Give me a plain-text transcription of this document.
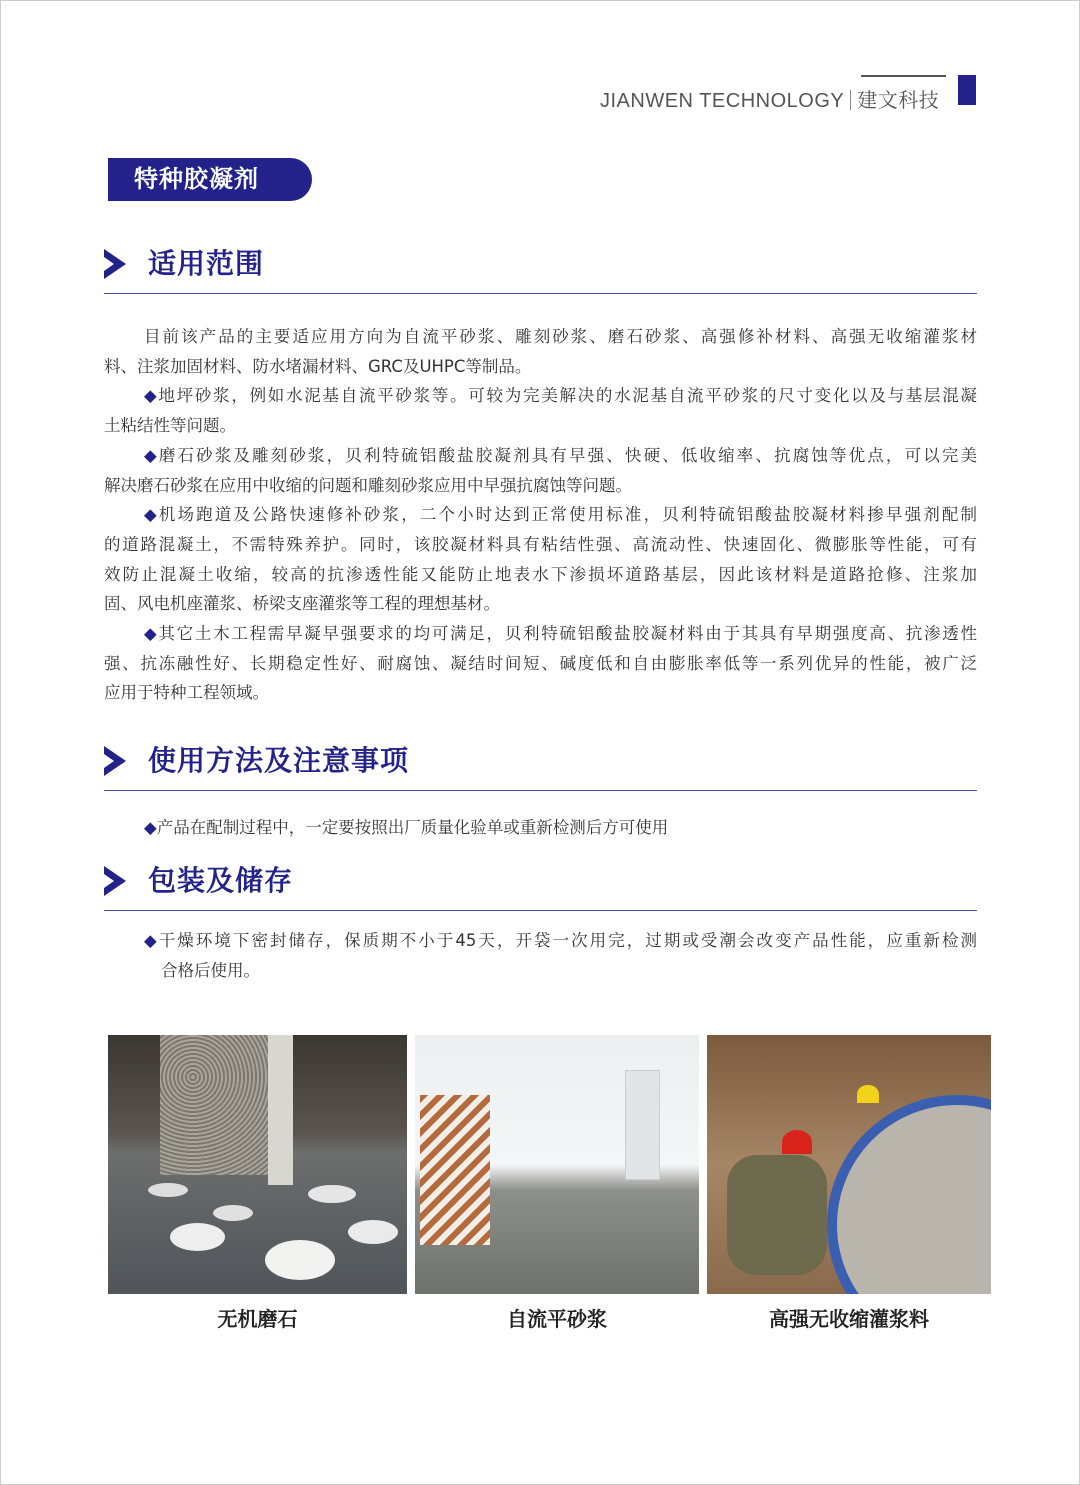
JIANWEN TECHNOLOGY 建文科技
特种胶凝剂
适用范围
目前该产品的主要适应用方向为自流平砂浆、雕刻砂浆、磨石砂浆、高强修补材料、高强无收缩灌浆材
料、注浆加固材料、防水堵漏材料、GRC及UHPC等制品。
◆地坪砂浆，例如水泥基自流平砂浆等。可较为完美解决的水泥基自流平砂浆的尺寸变化以及与基层混凝
土粘结性等问题。
◆磨石砂浆及雕刻砂浆，贝利特硫铝酸盐胶凝剂具有早强、快硬、低收缩率、抗腐蚀等优点，可以完美
解决磨石砂浆在应用中收缩的问题和雕刻砂浆应用中早强抗腐蚀等问题。
◆机场跑道及公路快速修补砂浆，二个小时达到正常使用标准，贝利特硫铝酸盐胶凝材料掺早强剂配制
的道路混凝土，不需特殊养护。同时，该胶凝材料具有粘结性强、高流动性、快速固化、微膨胀等性能，可有
效防止混凝土收缩，较高的抗渗透性能又能防止地表水下渗损坏道路基层，因此该材料是道路抢修、注浆加
固、风电机座灌浆、桥梁支座灌浆等工程的理想基材。
◆其它土木工程需早凝早强要求的均可满足，贝利特硫铝酸盐胶凝材料由于其具有早期强度高、抗渗透性
强、抗冻融性好、长期稳定性好、耐腐蚀、凝结时间短、碱度低和自由膨胀率低等一系列优异的性能，被广泛
应用于特种工程领域。
使用方法及注意事项
◆产品在配制过程中，一定要按照出厂质量化验单或重新检测后方可使用
包装及储存
◆干燥环境下密封储存，保质期不小于45天，开袋一次用完，过期或受潮会改变产品性能，应重新检测
合格后使用。
无机磨石	自流平砂浆	高强无收缩灌浆料
